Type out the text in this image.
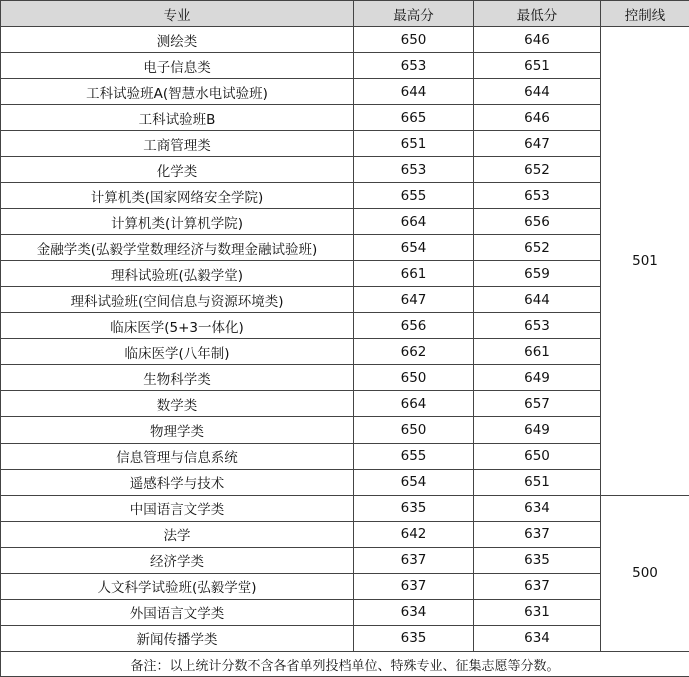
专业	最高分	最低分	控制线
测绘类	650	646	501
电子信息类	653	651	
工科试验班A(智慧水电试验班)	644	644	
工科试验班B	665	646	
工商管理类	651	647	
化学类	653	652	
计算机类(国家网络安全学院)	655	653	
计算机类(计算机学院)	664	656	
金融学类(弘毅学堂数理经济与数理金融试验班)	654	652	
理科试验班(弘毅学堂)	661	659	
理科试验班(空间信息与资源环境类)	647	644	
临床医学(5+3一体化)	656	653	
临床医学(八年制)	662	661	
生物科学类	650	649	
数学类	664	657	
物理学类	650	649	
信息管理与信息系统	655	650	
遥感科学与技术	654	651	
中国语言文学类	635	634	500
法学	642	637	
经济学类	637	635	
人文科学试验班(弘毅学堂)	637	637	
外国语言文学类	634	631	
新闻传播学类	635	634	
备注：以上统计分数不含各省单列投档单位、特殊专业、征集志愿等分数。			
